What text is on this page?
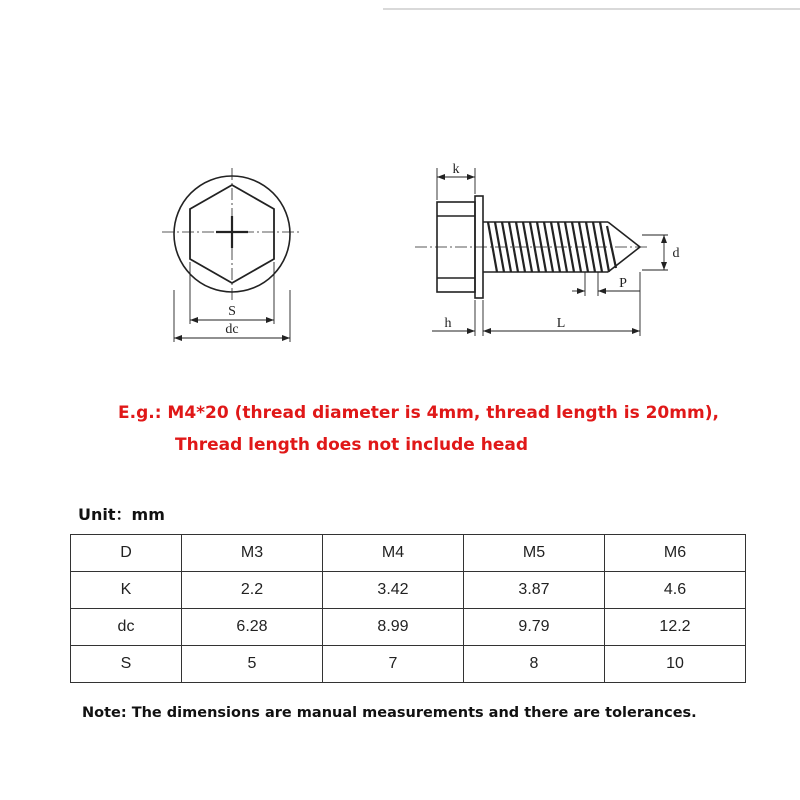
S
dc
k
d
P
h	L
E.g.: M4*20 (thread diameter is 4mm, thread length is 20mm),
Thread length does not include head
Unit：mm
D	M3	M4	M5	M6
K	2.2	3.42	3.87	4.6
dc	6.28	8.99	9.79	12.2
S	5	7	8	10
Note: The dimensions are manual measurements and there are tolerances.
